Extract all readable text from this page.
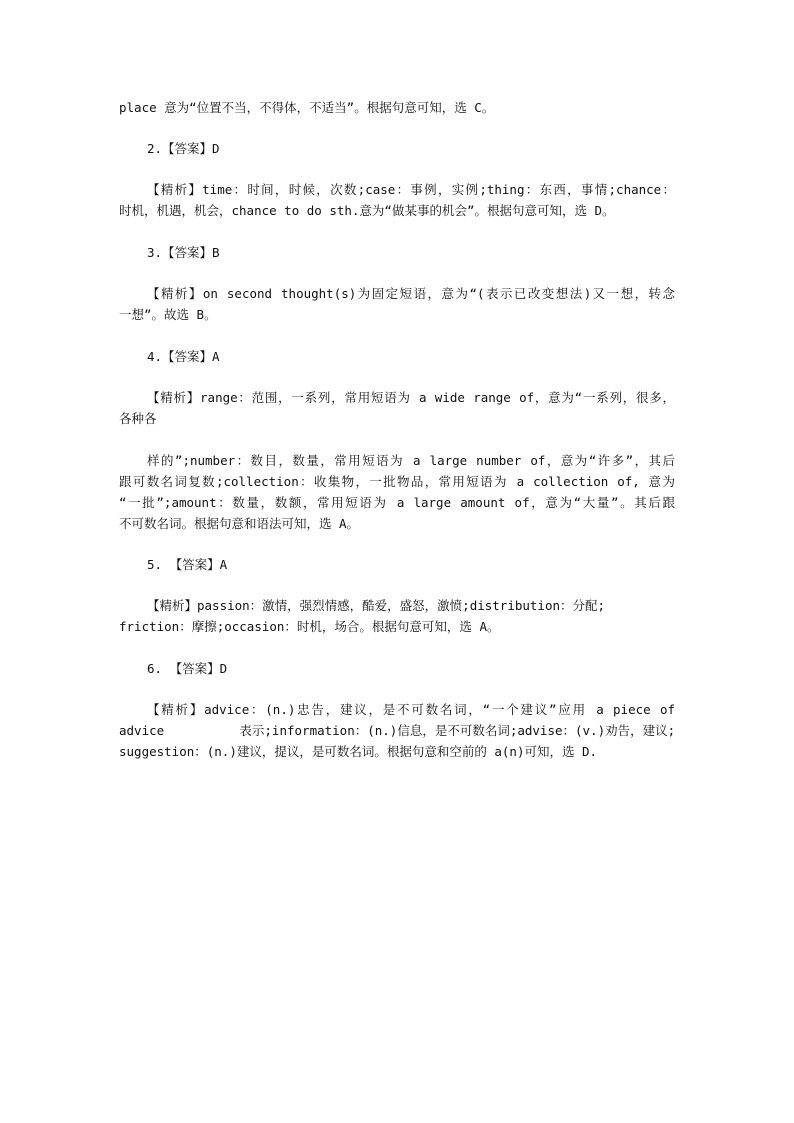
place 意为“位置不当，不得体，不适当”。根据句意可知，选 C。
2.【答案】D
【精析】time：时间，时候，次数;case：事例，实例;thing：东西，事情;chance：
时机，机遇，机会，chance to do sth.意为“做某事的机会”。根据句意可知，选 D。
3.【答案】B
【精析】on second thought(s)为固定短语，意为“(表示已改变想法)又一想，转念
一想”。故选 B。
4.【答案】A
【精析】range：范围，一系列，常用短语为 a wide range of，意为“一系列，很多，
各种各
样的”;number：数目，数量，常用短语为 a large number of，意为“许多”，其后
跟可数名词复数;collection：收集物，一批物品，常用短语为 a collection of, 意为
“一批”;amount：数量，数额，常用短语为 a large amount of，意为“大量”。其后跟
不可数名词。根据句意和语法可知，选 A。
5. 【答案】A
【精析】passion：激情，强烈情感，酷爱，盛怒，激愤;distribution：分配;
friction：摩擦;occasion：时机，场合。根据句意可知，选 A。
6. 【答案】D
【精析】advice：(n.)忠告，建议，是不可数名词，“一个建议”应用 a piece of
advice          表示;information：(n.)信息，是不可数名词;advise：(v.)劝告，建议;
suggestion：(n.)建议，提议，是可数名词。根据句意和空前的 a(n)可知，选 D.
